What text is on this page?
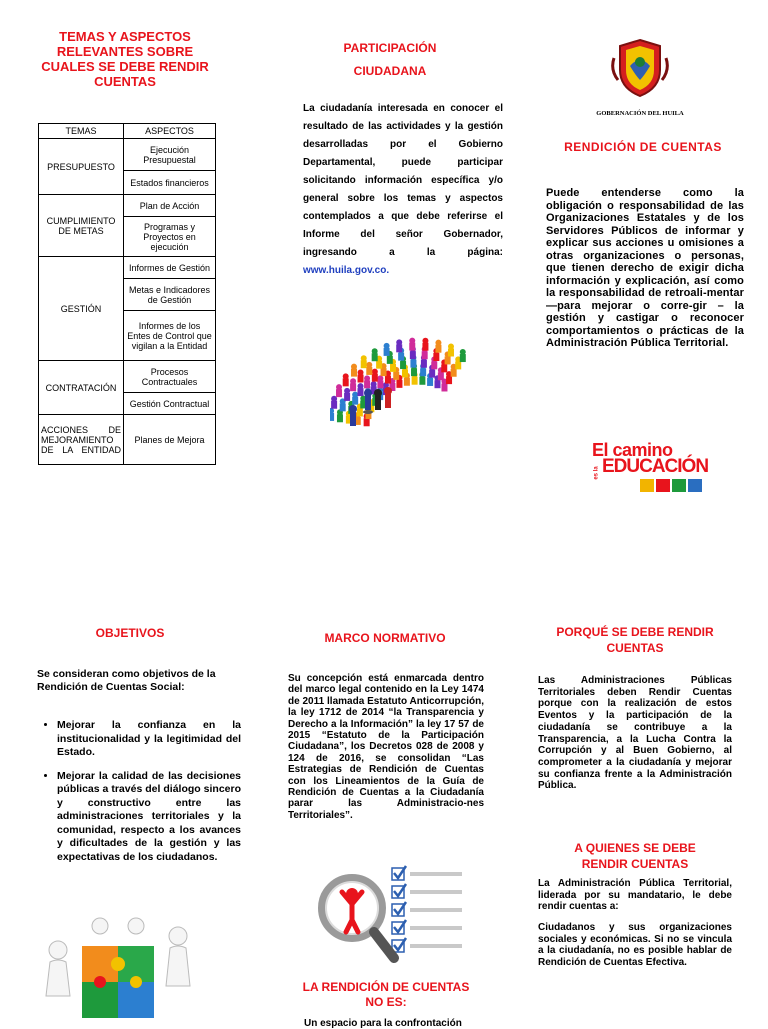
TEMAS Y ASPECTOS RELEVANTES SOBRE CUALES SE DEBE RENDIR CUENTAS
TEMAS	ASPECTOS
PRESUPUESTO	Ejecución Presupuestal
	Estados financieros
CUMPLIMIENTO DE METAS	Plan de Acción
	Programas y Proyectos en ejecución
GESTIÓN	Informes de Gestión
	Metas e Indicadores de Gestión
	Informes de los Entes de Control que vigilan a la Entidad
CONTRATACIÓN	Procesos Contractuales
	Gestión Contractual
ACCIONES DE MEJORAMIENTO DE LA ENTIDAD	Planes de Mejora
PARTICIPACIÓN
CIUDADANA
La ciudadanía interesada en conocer el resultado de las actividades y la gestión desarrolladas por el Gobierno Departamental, puede participar solicitando información específica y/o general sobre los temas y aspectos contemplados a que debe referirse el Informe del señor Gobernador, ingresando a la página: www.huila.gov.co.
GOBERNACIÓN DEL HUILA
RENDICIÓN DE CUENTAS
Puede entenderse como la obligación o responsabilidad de las Organizaciones Estatales y de los Servidores Públicos de informar y explicar sus acciones u omisiones a otras organizaciones o personas, que tienen derecho de exigir dicha información y explicación, así como la responsabilidad de retroali-mentar—para mejorar o corre-gir – la gestión y castigar o reconocer comportamientos o prácticas de la Administración Pública Territorial.
El camino
es la EDUCACIÓN
OBJETIVOS
Se consideran como objetivos de la Rendición de Cuentas Social:
• Mejorar la confianza en la institucionalidad y la legitimidad del Estado.
• Mejorar la calidad de las decisiones públicas a través del diálogo sincero y constructivo entre las administraciones territoriales y la comunidad, respecto a los avances y dificultades de la gestión y las expectativas de los ciudadanos.
MARCO NORMATIVO
Su concepción está enmarcada dentro del marco legal contenido en la Ley 1474 de 2011 llamada Estatuto Anticorrupción, la ley 1712 de 2014 “la Transparencia y Derecho a la Información” la ley 17 57 de 2015 “Estatuto de la Participación Ciudadana”, los Decretos 028 de 2008 y 124 de 2016, se consolidan “Las Estrategias de Rendición de Cuentas con los Lineamientos de la Guía de Rendición de Cuentas a la Ciudadanía parar las Administracio-nes Territoriales”.
LA RENDICIÓN DE CUENTAS
NO ES:
Un espacio para la confrontación
PORQUÉ SE DEBE RENDIR
CUENTAS
Las Administraciones Públicas Territoriales deben Rendir Cuentas porque con la realización de estos Eventos y la participación de la ciudadanía se contribuye a la Transparencia, a la Lucha Contra la Corrupción y al Buen Gobierno, al comprometer a la ciudadanía y mejorar su confianza frente a la Administración Pública.
A QUIENES SE DEBE
RENDIR CUENTAS
La Administración Pública Territorial, liderada por su mandatario, le debe rendir cuentas a:
Ciudadanos y sus organizaciones sociales y económicas. Si no se vincula a la ciudadanía, no es posible hablar de Rendición de Cuentas Efectiva.
